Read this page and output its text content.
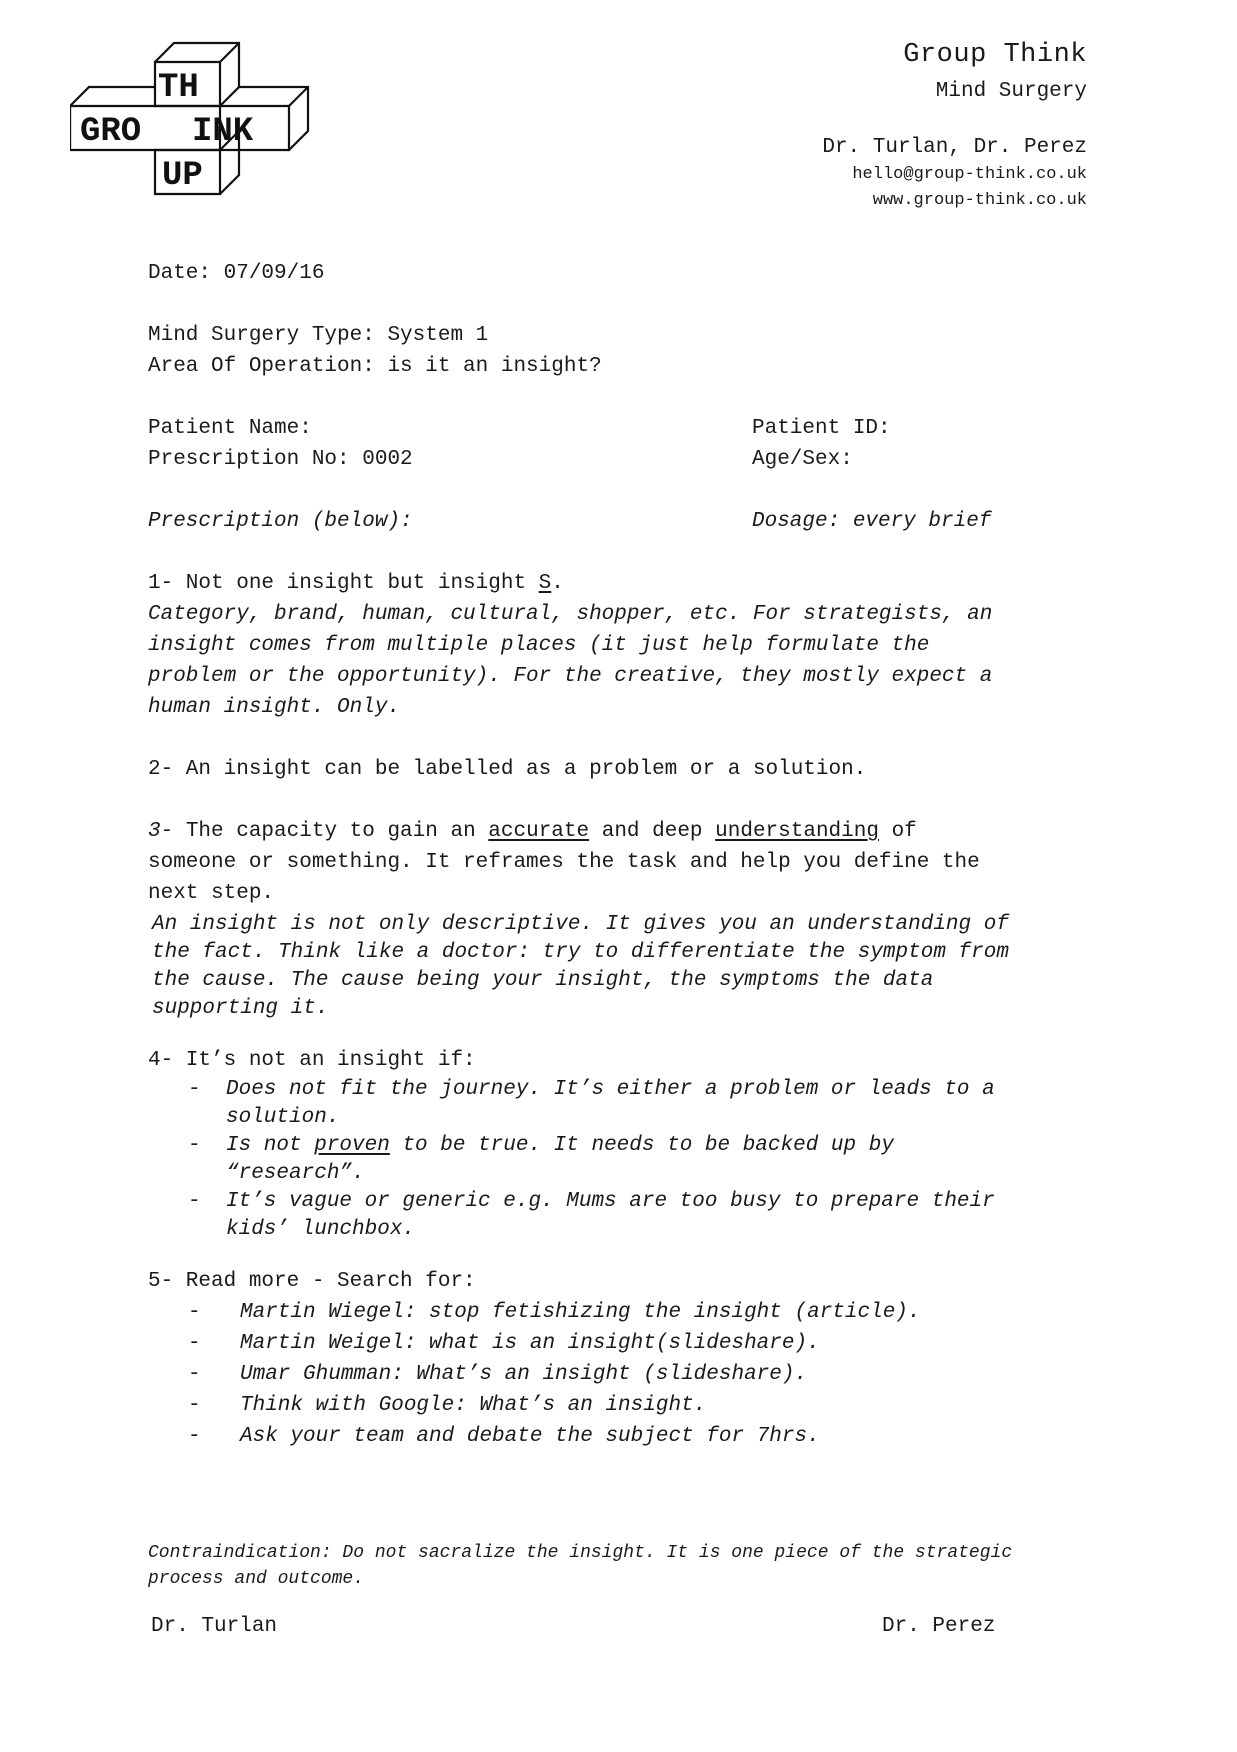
TH
GRO INK
UP
Group Think
Mind Surgery
Dr. Turlan, Dr. Perez
hello@group-think.co.uk
www.group-think.co.uk
Date: 07/09/16
Mind Surgery Type: System 1
Area Of Operation: is it an insight?
Patient Name:	Patient ID:
Prescription No: 0002	Age/Sex:
Prescription (below):	Dosage: every brief
1- Not one insight but insight S.
Category, brand, human, cultural, shopper, etc. For strategists, an
insight comes from multiple places (it just help formulate the
problem or the opportunity). For the creative, they mostly expect a
human insight. Only.
2- An insight can be labelled as a problem or a solution.
3- The capacity to gain an accurate and deep understanding of
someone or something. It reframes the task and help you define the
next step.
An insight is not only descriptive. It gives you an understanding of
the fact. Think like a doctor: try to differentiate the symptom from
the cause. The cause being your insight, the symptoms the data
supporting it.
4- It’s not an insight if:
- Does not fit the journey. It’s either a problem or leads to a
solution.
- Is not proven to be true. It needs to be backed up by
“research”.
- It’s vague or generic e.g. Mums are too busy to prepare their
kids’ lunchbox.
5- Read more - Search for:
- Martin Wiegel: stop fetishizing the insight (article).
- Martin Weigel: what is an insight(slideshare).
- Umar Ghumman: What’s an insight (slideshare).
- Think with Google: What’s an insight.
- Ask your team and debate the subject for 7hrs.
Contraindication: Do not sacralize the insight. It is one piece of the strategic
process and outcome.
Dr. Turlan	Dr. Perez
